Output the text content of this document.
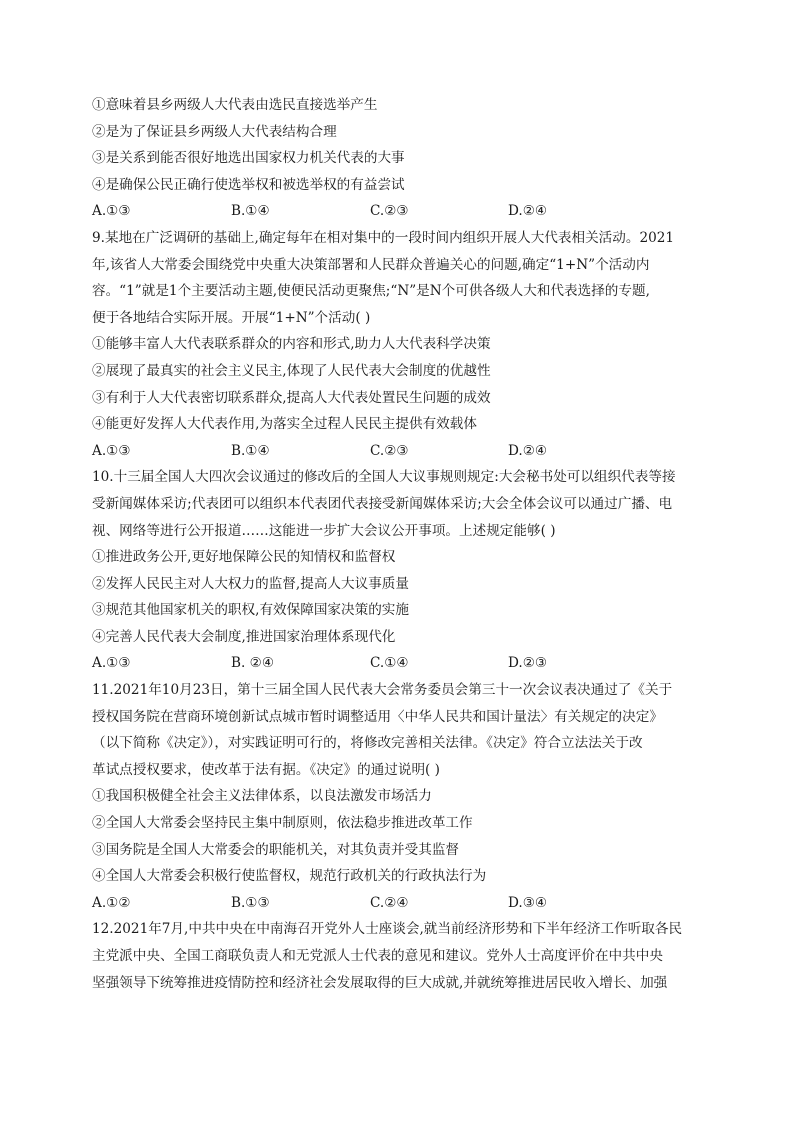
①意味着县乡两级人大代表由选民直接选举产生
②是为了保证县乡两级人大代表结构合理
③是关系到能否很好地选出国家权力机关代表的大事
④是确保公民正确行使选举权和被选举权的有益尝试
A.①③	B.①④	C.②③	D.②④
9.某地在广泛调研的基础上,确定每年在相对集中的一段时间内组织开展人大代表相关活动。2021
年,该省人大常委会围绕党中央重大决策部署和人民群众普遍关心的问题,确定“1+N”个活动内
容。“1”就是1个主要活动主题,使便民活动更聚焦;“N”是N个可供各级人大和代表选择的专题,
便于各地结合实际开展。开展“1+N”个活动( )
①能够丰富人大代表联系群众的内容和形式,助力人大代表科学决策
②展现了最真实的社会主义民主,体现了人民代表大会制度的优越性
③有利于人大代表密切联系群众,提高人大代表处置民生问题的成效
④能更好发挥人大代表作用,为落实全过程人民民主提供有效载体
A.①③	B.①④	C.②③	D.②④
10.十三届全国人大四次会议通过的修改后的全国人大议事规则规定:大会秘书处可以组织代表等接
受新闻媒体采访;代表团可以组织本代表团代表接受新闻媒体采访;大会全体会议可以通过广播、电
视、网络等进行公开报道……这能进一步扩大会议公开事项。上述规定能够( )
①推进政务公开,更好地保障公民的知情权和监督权
②发挥人民民主对人大权力的监督,提高人大议事质量
③规范其他国家机关的职权,有效保障国家决策的实施
④完善人民代表大会制度,推进国家治理体系现代化
A.①③	B. ②④	C.①④	D.②③
11.2021年10月23日，第十三届全国人民代表大会常务委员会第三十一次会议表决通过了《关于
授权国务院在营商环境创新试点城市暂时调整适用〈中华人民共和国计量法〉有关规定的决定》
（以下简称《决定》），对实践证明可行的，将修改完善相关法律。《决定》符合立法法关于改
革试点授权要求，使改革于法有据。《决定》的通过说明( )
①我国积极健全社会主义法律体系，以良法激发市场活力
②全国人大常委会坚持民主集中制原则，依法稳步推进改革工作
③国务院是全国人大常委会的职能机关，对其负责并受其监督
④全国人大常委会积极行使监督权，规范行政机关的行政执法行为
A.①②	B.①③	C.②④	D.③④
12.2021年7月,中共中央在中南海召开党外人士座谈会,就当前经济形势和下半年经济工作听取各民
主党派中央、全国工商联负责人和无党派人士代表的意见和建议。党外人士高度评价在中共中央
坚强领导下统筹推进疫情防控和经济社会发展取得的巨大成就,并就统筹推进居民收入增长、加强
